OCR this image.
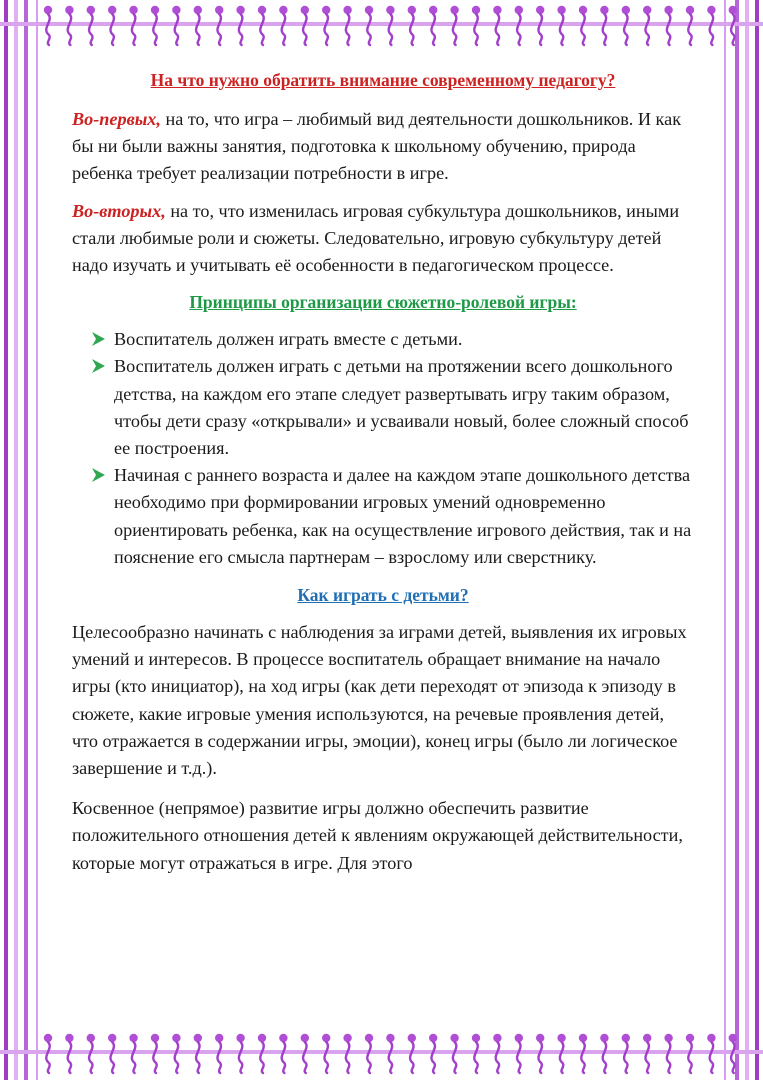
На что нужно обратить внимание современному педагогу?

Во-первых, на то, что игра – любимый вид деятельности дошкольников. И как бы ни были важны занятия, подготовка к школьному обучению, природа ребенка требует реализации потребности в игре.

Во-вторых, на то, что изменилась игровая субкультура дошкольников, иными стали любимые роли и сюжеты. Следовательно, игровую субкультуру детей надо изучать и учитывать её особенности в педагогическом процессе.

Принципы организации сюжетно-ролевой игры:
Воспитатель должен играть вместе с детьми.
Воспитатель должен играть с детьми на протяжении всего дошкольного детства, на каждом его этапе следует развертывать игру таким образом, чтобы дети сразу «открывали» и усваивали новый, более сложный способ ее построения.
Начиная с раннего возраста и далее на каждом этапе дошкольного детства необходимо при формировании игровых умений одновременно ориентировать ребенка, как на осуществление игрового действия, так и на пояснение его смысла партнерам – взрослому или сверстнику.
Как играть с детьми?

Целесообразно начинать с наблюдения за играми детей, выявления их игровых умений и интересов. В процессе воспитатель обращает внимание на начало игры (кто инициатор), на ход игры (как дети переходят от эпизода к эпизоду в сюжете, какие игровые умения используются, на речевые проявления детей, что отражается в содержании игры, эмоции), конец игры (было ли логическое завершение и т.д.).

Косвенное (непрямое) развитие игры должно обеспечить развитие положительного отношения детей к явлениям окружающей действительности, которые могут отражаться в игре. Для этого
